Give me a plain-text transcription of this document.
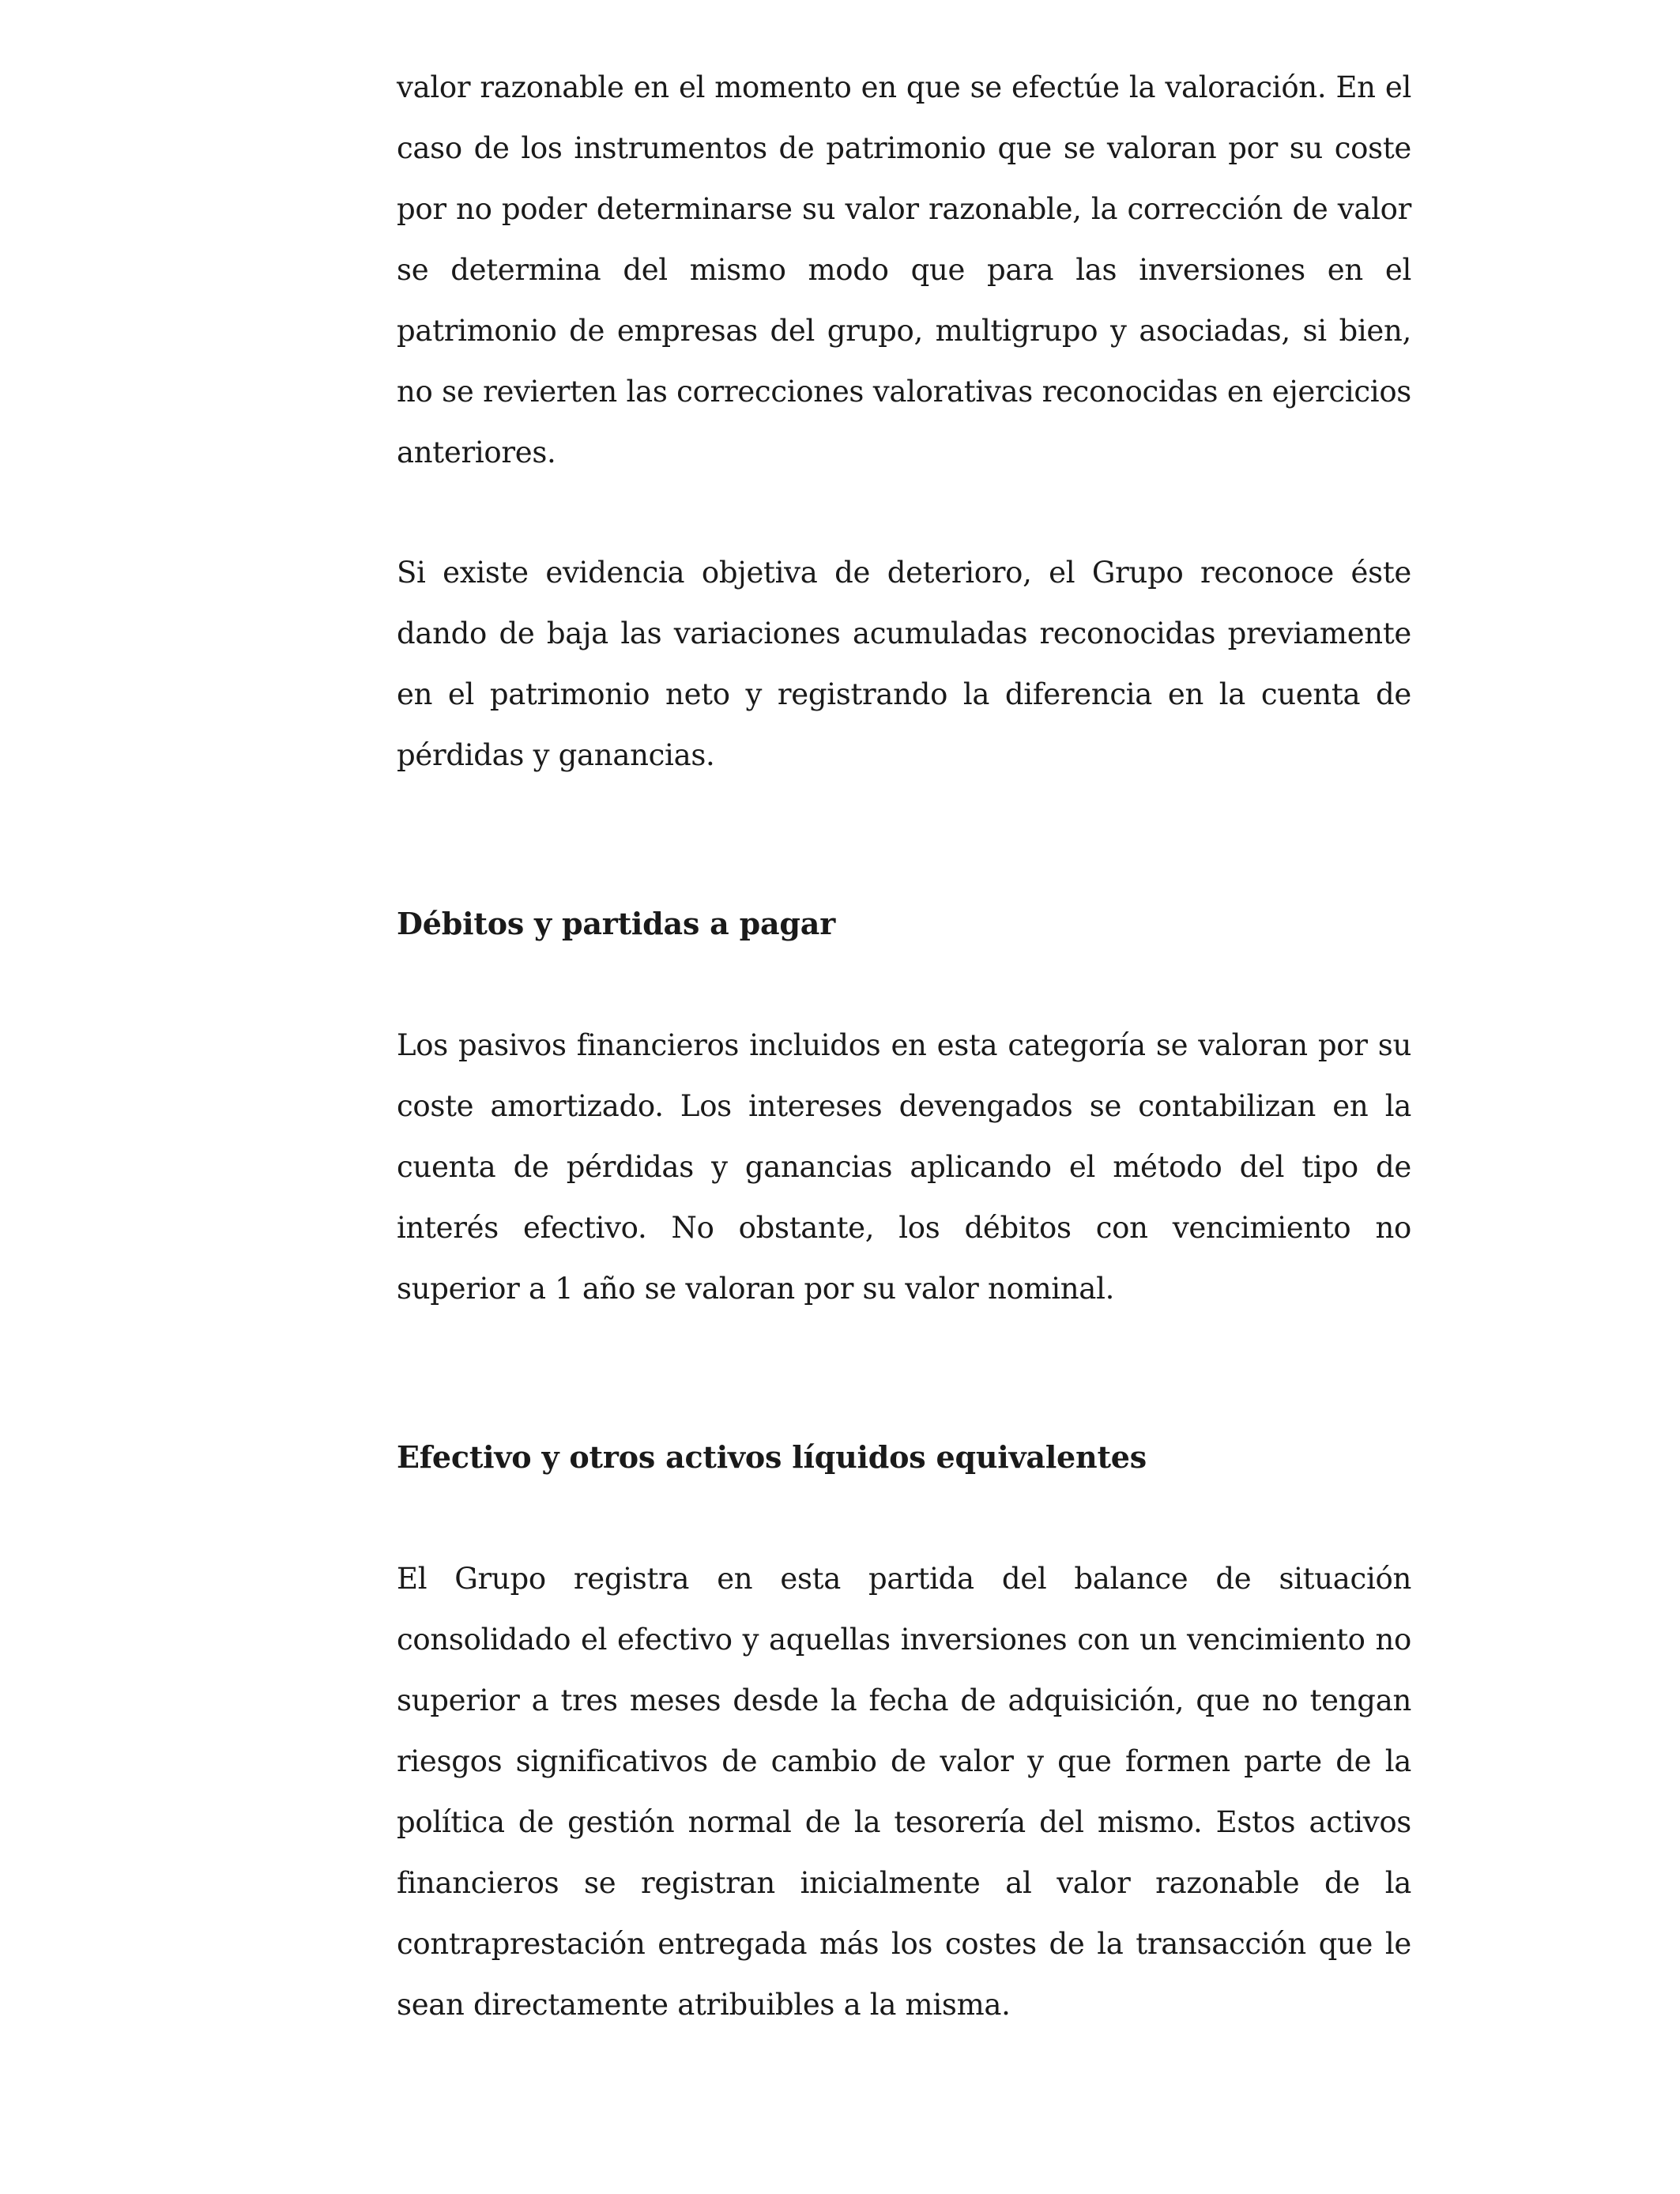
valor razonable en el momento en que se efectúe la valoración. En el caso de los instrumentos de patrimonio que se valoran por su coste por no poder determinarse su valor razonable, la corrección de valor se determina del mismo modo que para las inversiones en el patrimonio de empresas del grupo, multigrupo y asociadas, si bien, no se revierten las correcciones valorativas reconocidas en ejercicios anteriores.

Si existe evidencia objetiva de deterioro, el Grupo reconoce éste dando de baja las variaciones acumuladas reconocidas previamente en el patrimonio neto y registrando la diferencia en la cuenta de pérdidas y ganancias.

Débitos y partidas a pagar

Los pasivos financieros incluidos en esta categoría se valoran por su coste amortizado. Los intereses devengados se contabilizan en la cuenta de pérdidas y ganancias aplicando el método del tipo de interés efectivo. No obstante, los débitos con vencimiento no superior a 1 año se valoran por su valor nominal.

Efectivo y otros activos líquidos equivalentes

El Grupo registra en esta partida del balance de situación consolidado el efectivo y aquellas inversiones con un vencimiento no superior a tres meses desde la fecha de adquisición, que no tengan riesgos significativos de cambio de valor y que formen parte de la política de gestión normal de la tesorería del mismo. Estos activos financieros se registran inicialmente al valor razonable de la contraprestación entregada más los costes de la transacción que le sean directamente atribuibles a la misma.
